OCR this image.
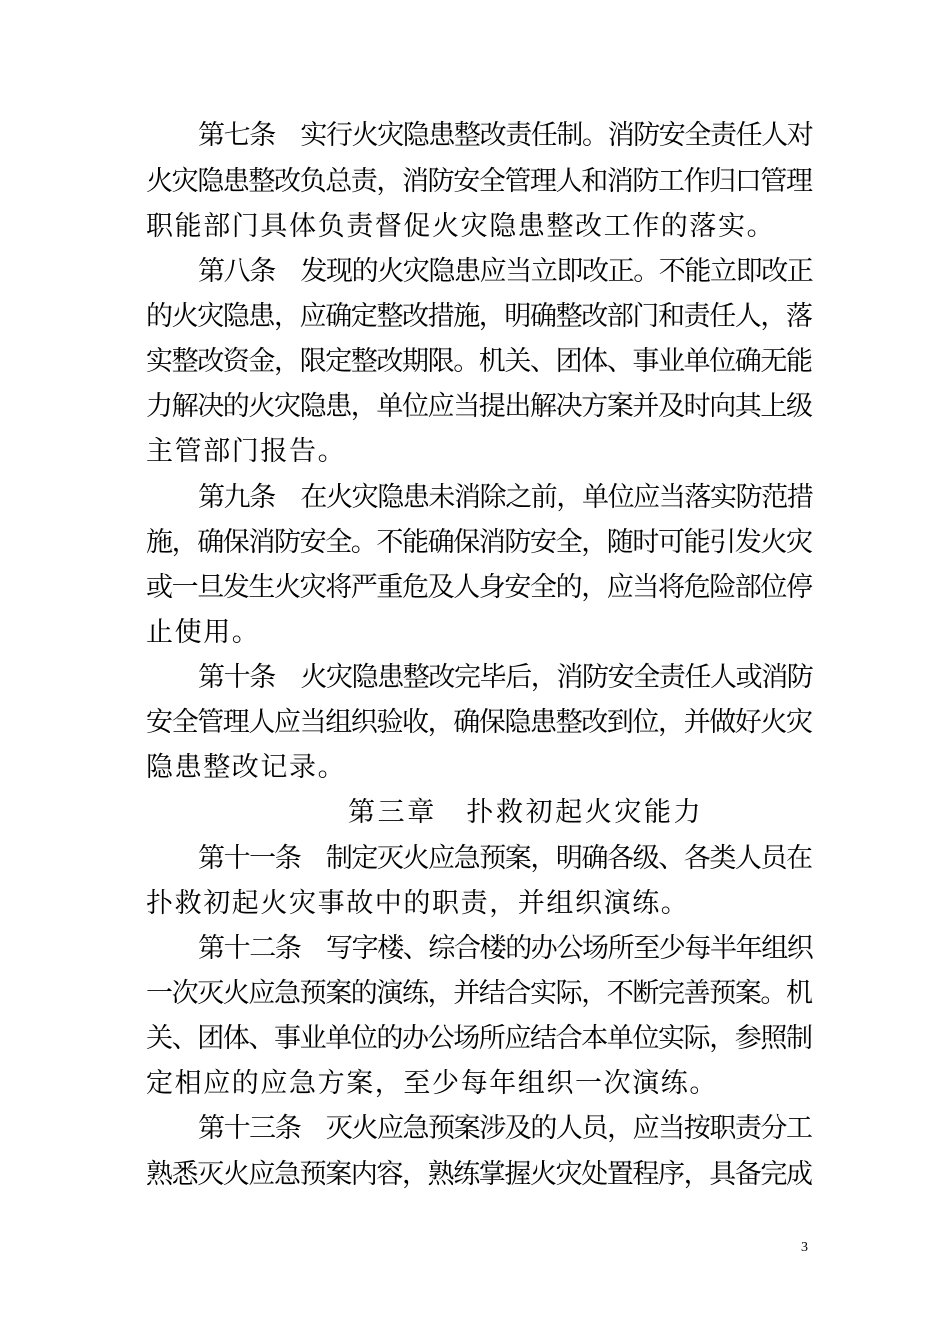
第七条　实行火灾隐患整改责任制。消防安全责任人对
火灾隐患整改负总责，消防安全管理人和消防工作归口管理
职能部门具体负责督促火灾隐患整改工作的落实。
第八条　发现的火灾隐患应当立即改正。不能立即改正
的火灾隐患，应确定整改措施，明确整改部门和责任人，落
实整改资金，限定整改期限。机关、团体、事业单位确无能
力解决的火灾隐患，单位应当提出解决方案并及时向其上级
主管部门报告。
第九条　在火灾隐患未消除之前，单位应当落实防范措
施，确保消防安全。不能确保消防安全，随时可能引发火灾
或一旦发生火灾将严重危及人身安全的，应当将危险部位停
止使用。
第十条　火灾隐患整改完毕后，消防安全责任人或消防
安全管理人应当组织验收，确保隐患整改到位，并做好火灾
隐患整改记录。
第三章　扑救初起火灾能力
第十一条　制定灭火应急预案，明确各级、各类人员在
扑救初起火灾事故中的职责，并组织演练。
第十二条　写字楼、综合楼的办公场所至少每半年组织
一次灭火应急预案的演练，并结合实际，不断完善预案。机
关、团体、事业单位的办公场所应结合本单位实际，参照制
定相应的应急方案，至少每年组织一次演练。
第十三条　灭火应急预案涉及的人员，应当按职责分工
熟悉灭火应急预案内容，熟练掌握火灾处置程序，具备完成
3
